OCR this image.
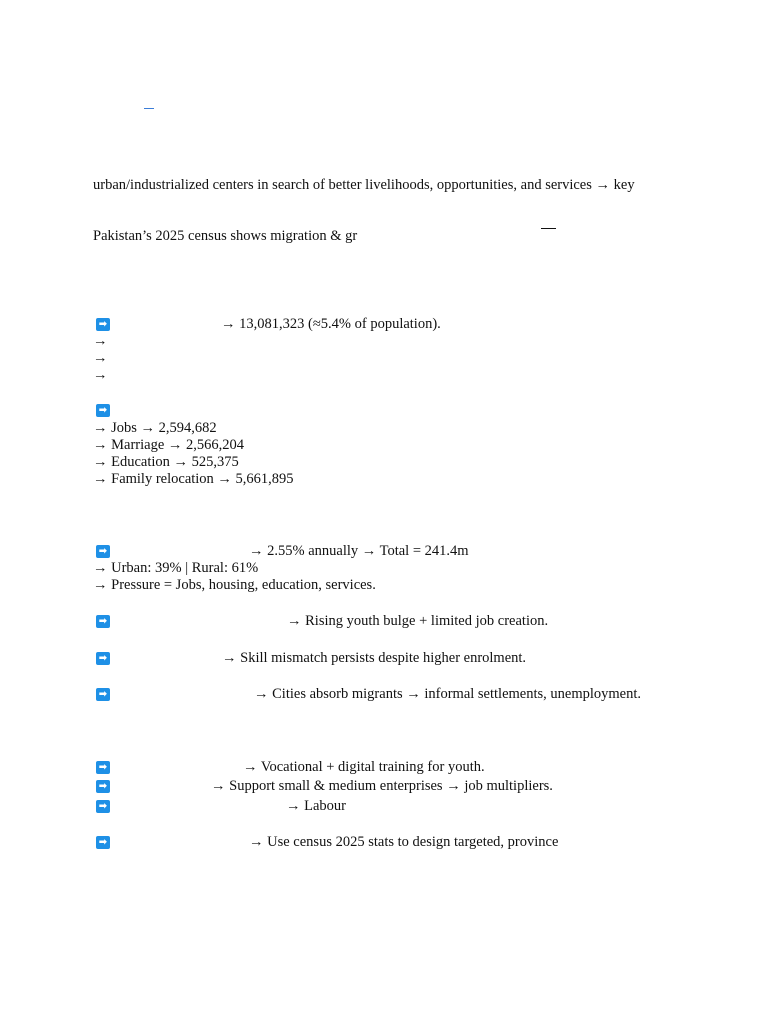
urban/industrialized centers in search of better livelihoods, opportunities, and services → key
Pakistan’s 2025 census shows migration & gr
➡	→ 13,081,323 (≈5.4% of population).
→
→
→
➡
→ Jobs → 2,594,682
→ Marriage → 2,566,204
→ Education → 525,375
→ Family relocation → 5,661,895
➡	→ 2.55% annually → Total = 241.4m
→ Urban: 39% | Rural: 61%
→ Pressure = Jobs, housing, education, services.
➡	→ Rising youth bulge + limited job creation.
➡	→ Skill mismatch persists despite higher enrolment.
➡	→ Cities absorb migrants → informal settlements, unemployment.
➡	→ Vocational + digital training for youth.
➡	→ Support small & medium enterprises → job multipliers.
➡	→ Labour
➡	→ Use census 2025 stats to design targeted, province
